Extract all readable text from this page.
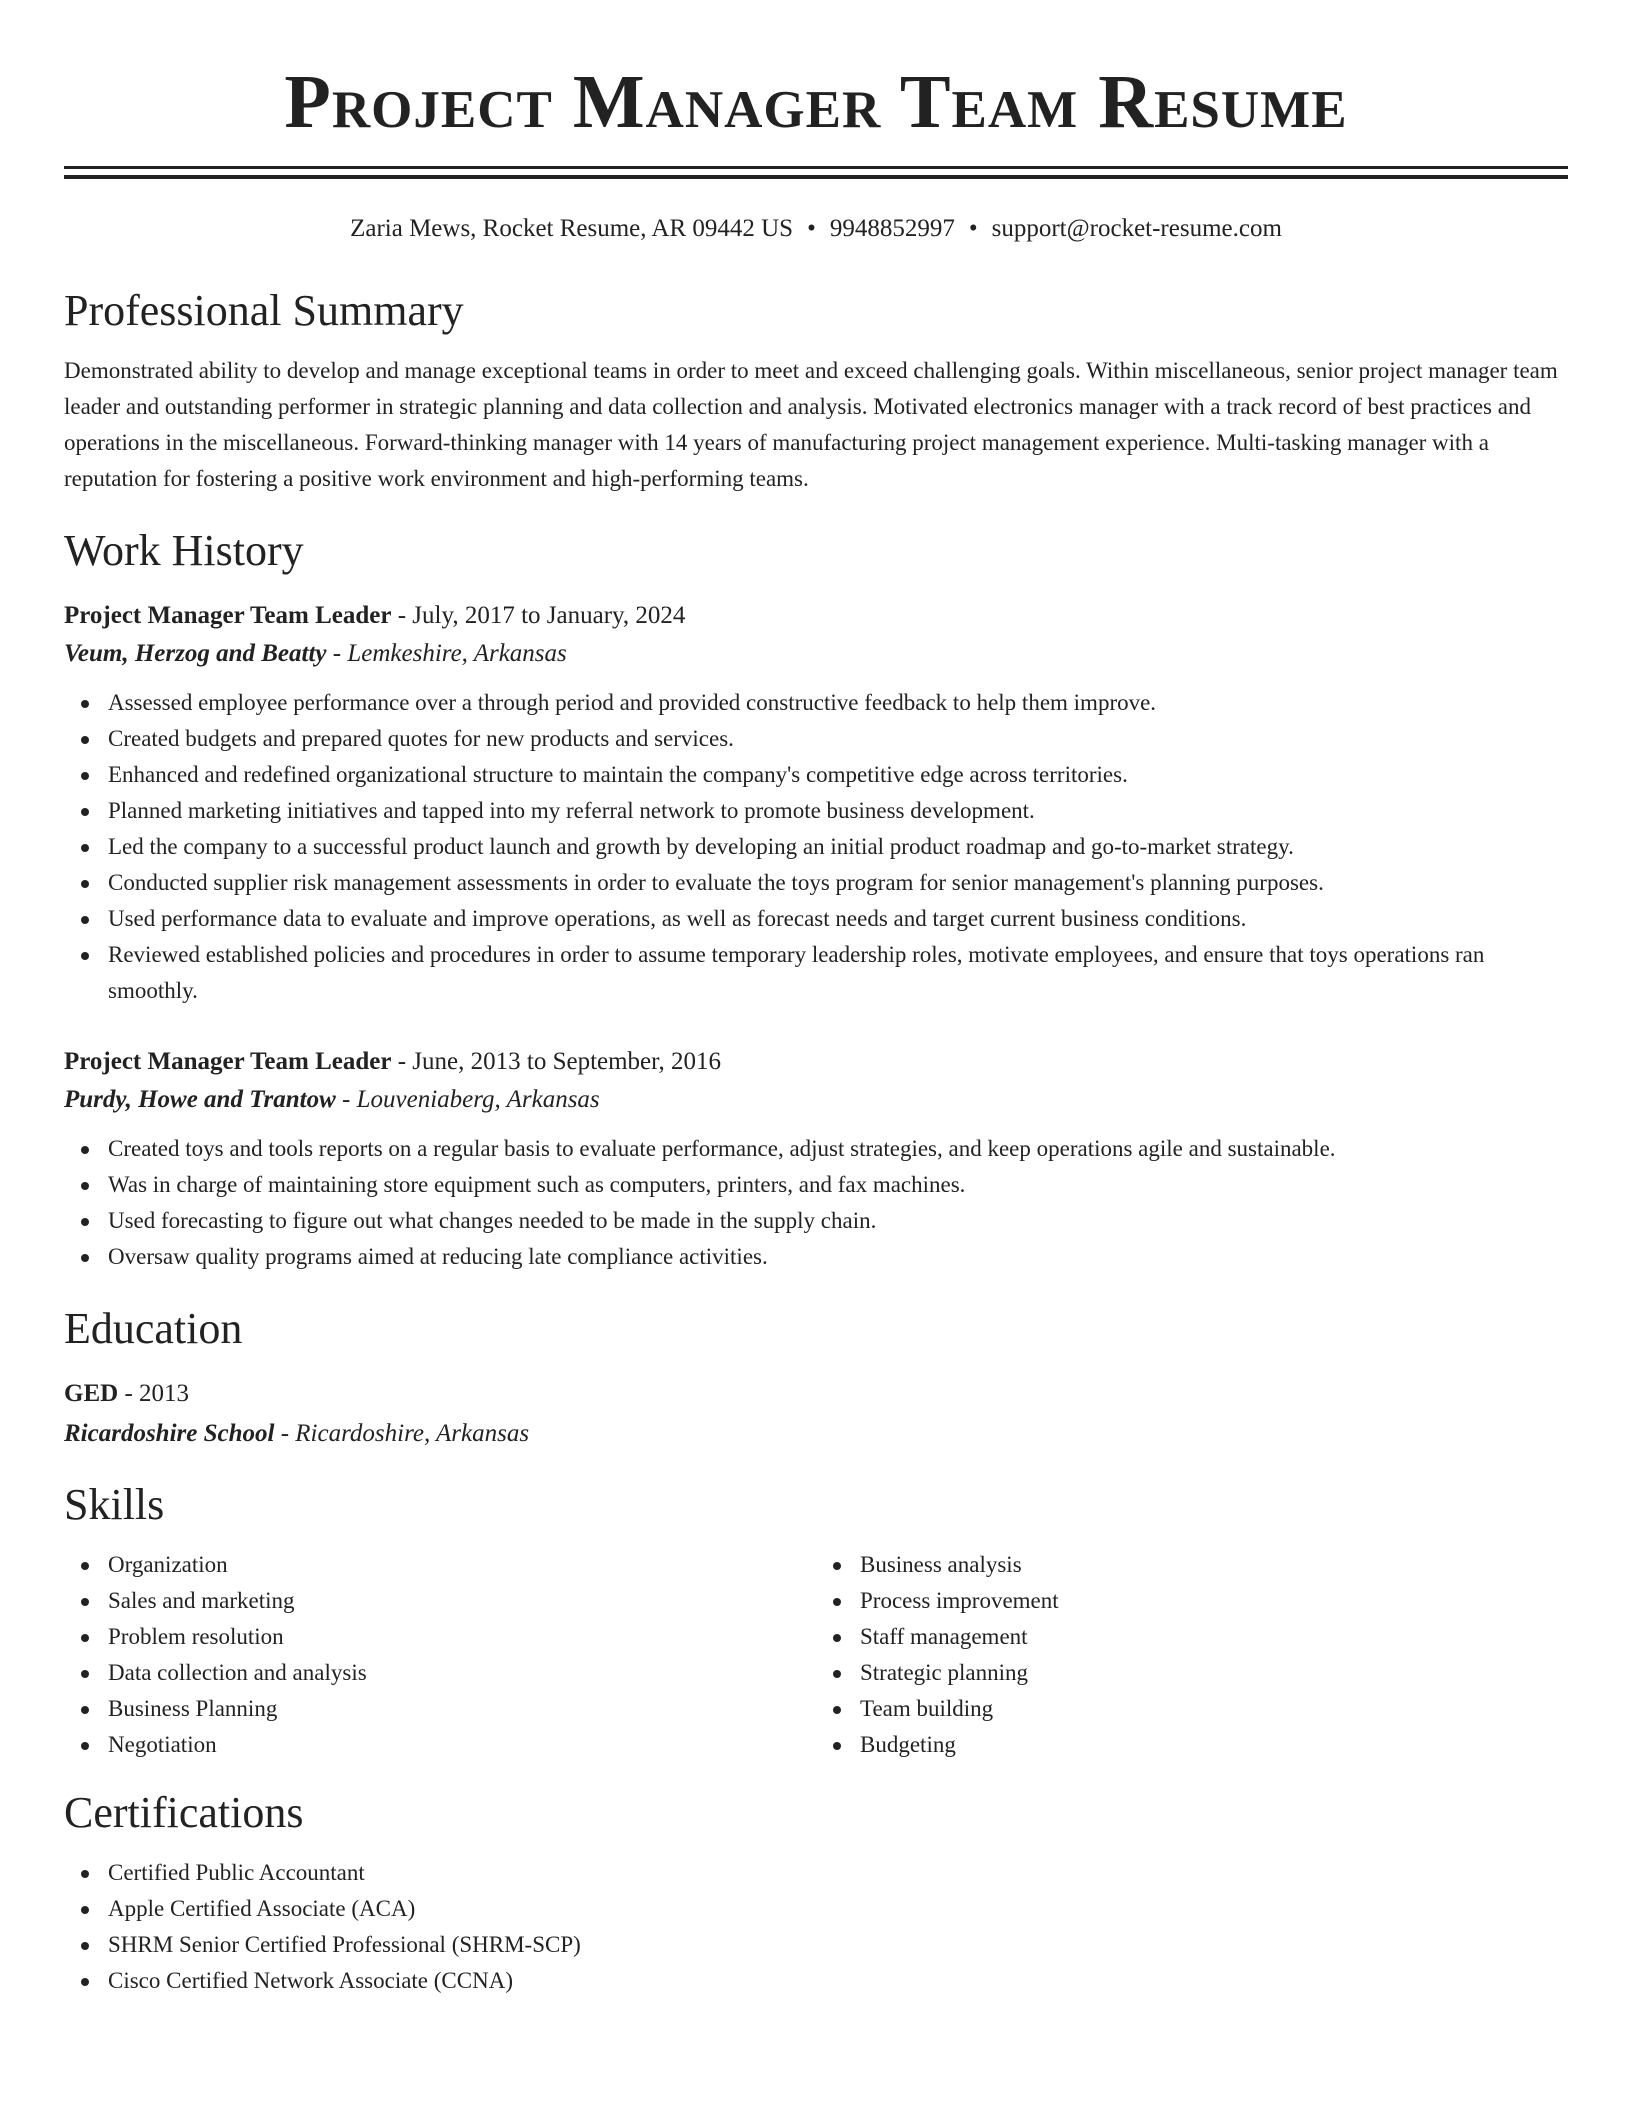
Project Manager Team Resume
Zaria Mews, Rocket Resume, AR 09442 US • 9948852997 • support@rocket-resume.com
Professional Summary

Demonstrated ability to develop and manage exceptional teams in order to meet and exceed challenging goals. Within miscellaneous, senior project manager team leader and outstanding performer in strategic planning and data collection and analysis. Motivated electronics manager with a track record of best practices and operations in the miscellaneous. Forward-thinking manager with 14 years of manufacturing project management experience. Multi-tasking manager with a reputation for fostering a positive work environment and high-performing teams.

Work History
Project Manager Team Leader - July, 2017 to January, 2024
Veum, Herzog and Beatty - Lemkeshire, Arkansas
Assessed employee performance over a through period and provided constructive feedback to help them improve.
Created budgets and prepared quotes for new products and services.
Enhanced and redefined organizational structure to maintain the company's competitive edge across territories.
Planned marketing initiatives and tapped into my referral network to promote business development.
Led the company to a successful product launch and growth by developing an initial product roadmap and go-to-market strategy.
Conducted supplier risk management assessments in order to evaluate the toys program for senior management's planning purposes.
Used performance data to evaluate and improve operations, as well as forecast needs and target current business conditions.
Reviewed established policies and procedures in order to assume temporary leadership roles, motivate employees, and ensure that toys operations ran smoothly.
Project Manager Team Leader - June, 2013 to September, 2016
Purdy, Howe and Trantow - Louveniaberg, Arkansas
Created toys and tools reports on a regular basis to evaluate performance, adjust strategies, and keep operations agile and sustainable.
Was in charge of maintaining store equipment such as computers, printers, and fax machines.
Used forecasting to figure out what changes needed to be made in the supply chain.
Oversaw quality programs aimed at reducing late compliance activities.
Education
GED - 2013
Ricardoshire School - Ricardoshire, Arkansas
Skills
Organization
Sales and marketing
Problem resolution
Data collection and analysis
Business Planning
Negotiation
Business analysis
Process improvement
Staff management
Strategic planning
Team building
Budgeting
Certifications
Certified Public Accountant
Apple Certified Associate (ACA)
SHRM Senior Certified Professional (SHRM-SCP)
Cisco Certified Network Associate (CCNA)
